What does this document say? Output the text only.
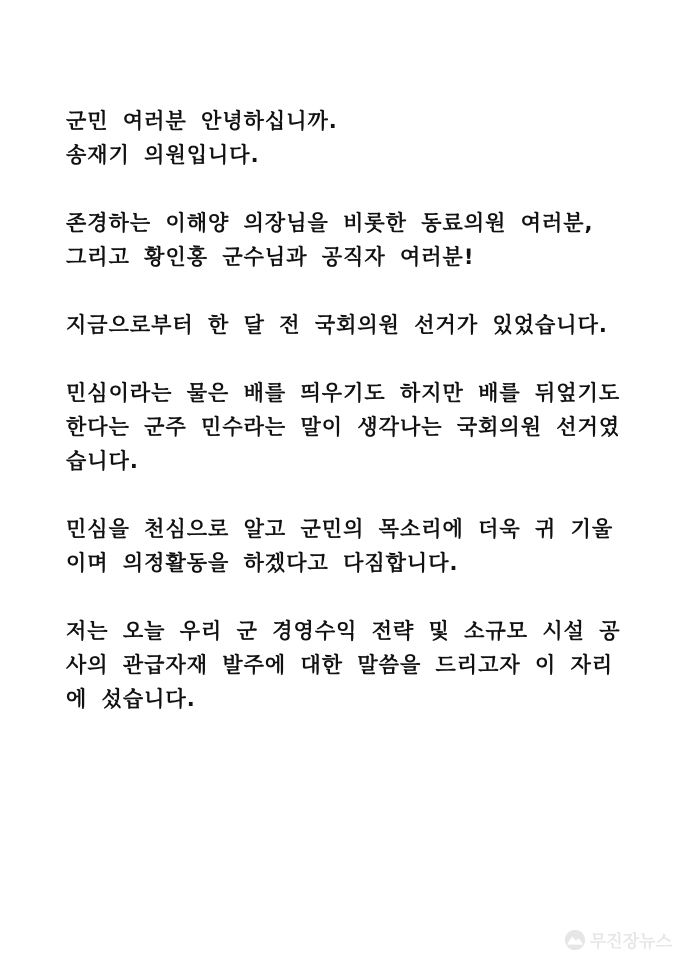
군민 여러분 안녕하십니까.
송재기 의원입니다.
존경하는 이해양 의장님을 비롯한 동료의원 여러분,
그리고 황인홍 군수님과 공직자 여러분!
지금으로부터 한 달 전 국회의원 선거가 있었습니다.
민심이라는 물은 배를 띄우기도 하지만 배를 뒤엎기도
한다는 군주 민수라는 말이 생각나는 국회의원 선거였
습니다.
민심을 천심으로 알고 군민의 목소리에 더욱 귀 기울
이며 의정활동을 하겠다고 다짐합니다.
저는 오늘 우리 군 경영수익 전략 및 소규모 시설 공
사의 관급자재 발주에 대한 말씀을 드리고자 이 자리
에 섰습니다.
무진장뉴스
